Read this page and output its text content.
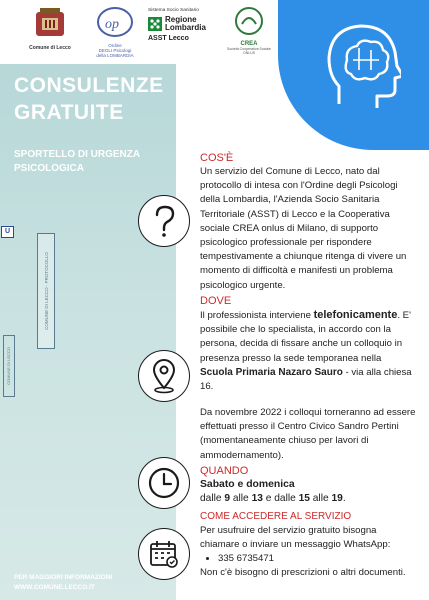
Comune di Lecco
op
Ordine
DEGLI Psicologi
della LOMBARDIA
Sistema Socio Sanitario
Regione
Lombardia
ASST Lecco
CREA
Società Cooperativa Sociale ONLUS
CONSULENZE
GRATUITE
SPORTELLO DI URGENZA
PSICOLOGICA
U
COMUNE DI LECCO - PROTOCOLLO
COMUNE DI LECCO
PER MAGGIORI INFORMAZIONI
WWW.COMUNE.LECCO.IT
COS'È
Un servizio del Comune di Lecco, nato dal protocollo di intesa con l'Ordine degli Psicologi della Lombardia, l'Azienda Socio Sanitaria Territoriale (ASST) di Lecco e la Cooperativa sociale CREA onlus di Milano, di supporto psicologico professionale per rispondere tempestivamente a chiunque ritenga di vivere un momento di difficoltà e manifesti un problema psicologico urgente.
DOVE
Il professionista interviene telefonicamente. E' possibile che lo specialista, in accordo con la persona, decida di fissare anche un colloquio in presenza presso la sede temporanea nella Scuola Primaria Nazaro Sauro - via alla chiesa 16.
Da novembre 2022 i colloqui torneranno ad essere effettuati presso il Centro Civico Sandro Pertini (momentaneamente chiuso per lavori di ammodernamento).
QUANDO
Sabato e domenica
dalle 9 alle 13 e dalle 15 alle 19.
COME ACCEDERE AL SERVIZIO
Per usufruire del servizio gratuito bisogna chiamare o inviare un messaggio WhatsApp:
• 335 6735471
Non c'è bisogno di prescrizioni o altri documenti.
